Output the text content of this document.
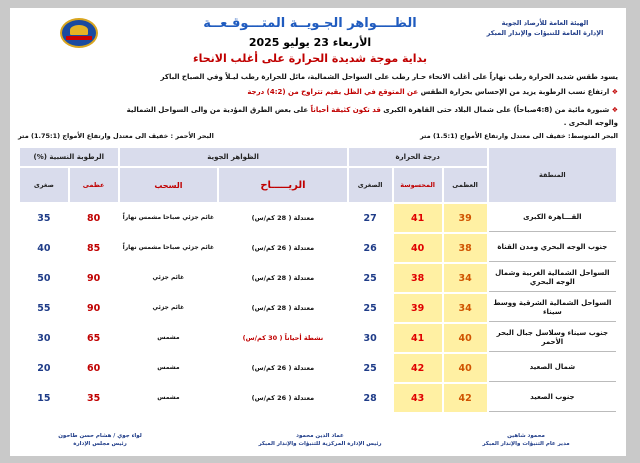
الهيئة العامة للأرصاد الجوية
الإدارة العامة للتنبؤات والإنذار المبكر
الظــــواهر الجـويــة المتـــوقـعــة
الأربعاء 23 يوليو 2025
بداية موجة شديدة الحرارة على أغلب الانحاء
يسود طقس شديد الحرارة رطب نهاراً على أغلب الانحاء حـار رطب على السواحل الشمالية، مائل للحرارة رطب ليـلاً وفي الصباح الباكر
❖ ارتفاع نسب الرطوبة يزيد من الإحساس بحرارة الطقس عن المتوقع في الظل بقيم تتراوح من (4:2) درجة
❖ شبورة مائية من (4:8صباحاً) على شمال البلاد حتى القاهرة الكبرى قد تكون كثيفة أحياناً على بعض الطرق المؤدية من والى السواحل الشمالية
والوجه البحرى .
البحر المتوسط: خفيف الى معتدل وارتفاع الأمواج (1.5:1) متر
البحر الأحمر : خفيف الى معتدل وارتفاع الأمواج (1.75:1) متر
المنطقة	درجة الحرارة			الظواهر الجوية		الرطوبة النسبية (%)	
	العظمى	المحسوسة	الصغرى	الريـــــاح	السحب	عظمى	صغرى
القـــاهرة الكبرى	39	41	27	معتدلة ( 28 كم/س)	غائم جزئي صباحا مشمس نهاراً	80	35
جنوب الوجه البحري ومدن القناة	38	40	26	معتدلة ( 26 كم/س)	غائم جزئي صباحا مشمس نهاراً	85	40
السواحل الشمالية الغربية وشمال الوجه البحري	34	38	25	معتدلة ( 28 كم/س)	غائم جزئي	90	50
السواحل الشمالية الشرقية ووسط سيناء	34	39	25	معتدلة ( 28 كم/س)	غائم جزئي	90	55
جنوب سيناء وسلاسل جبال البحر الأحمر	40	41	30	نشطة أحياناً ( 30 كم/س)	مشمس	65	30
شمال الصعيد	40	42	25	معتدلة ( 26 كم/س)	مشمس	60	20
جنوب الصعيد	42	43	28	معتدلة ( 26 كم/س)	مشمس	35	15
محمود شاهين
مدير عام التنبؤات والإنذار المبكر
عماد الدين محمود
رئيس الإدارة المركزية للتنبؤات والإنذار المبكر
لواء جوي / هشام حسن طاحون
رئيس مجلس الإدارة
